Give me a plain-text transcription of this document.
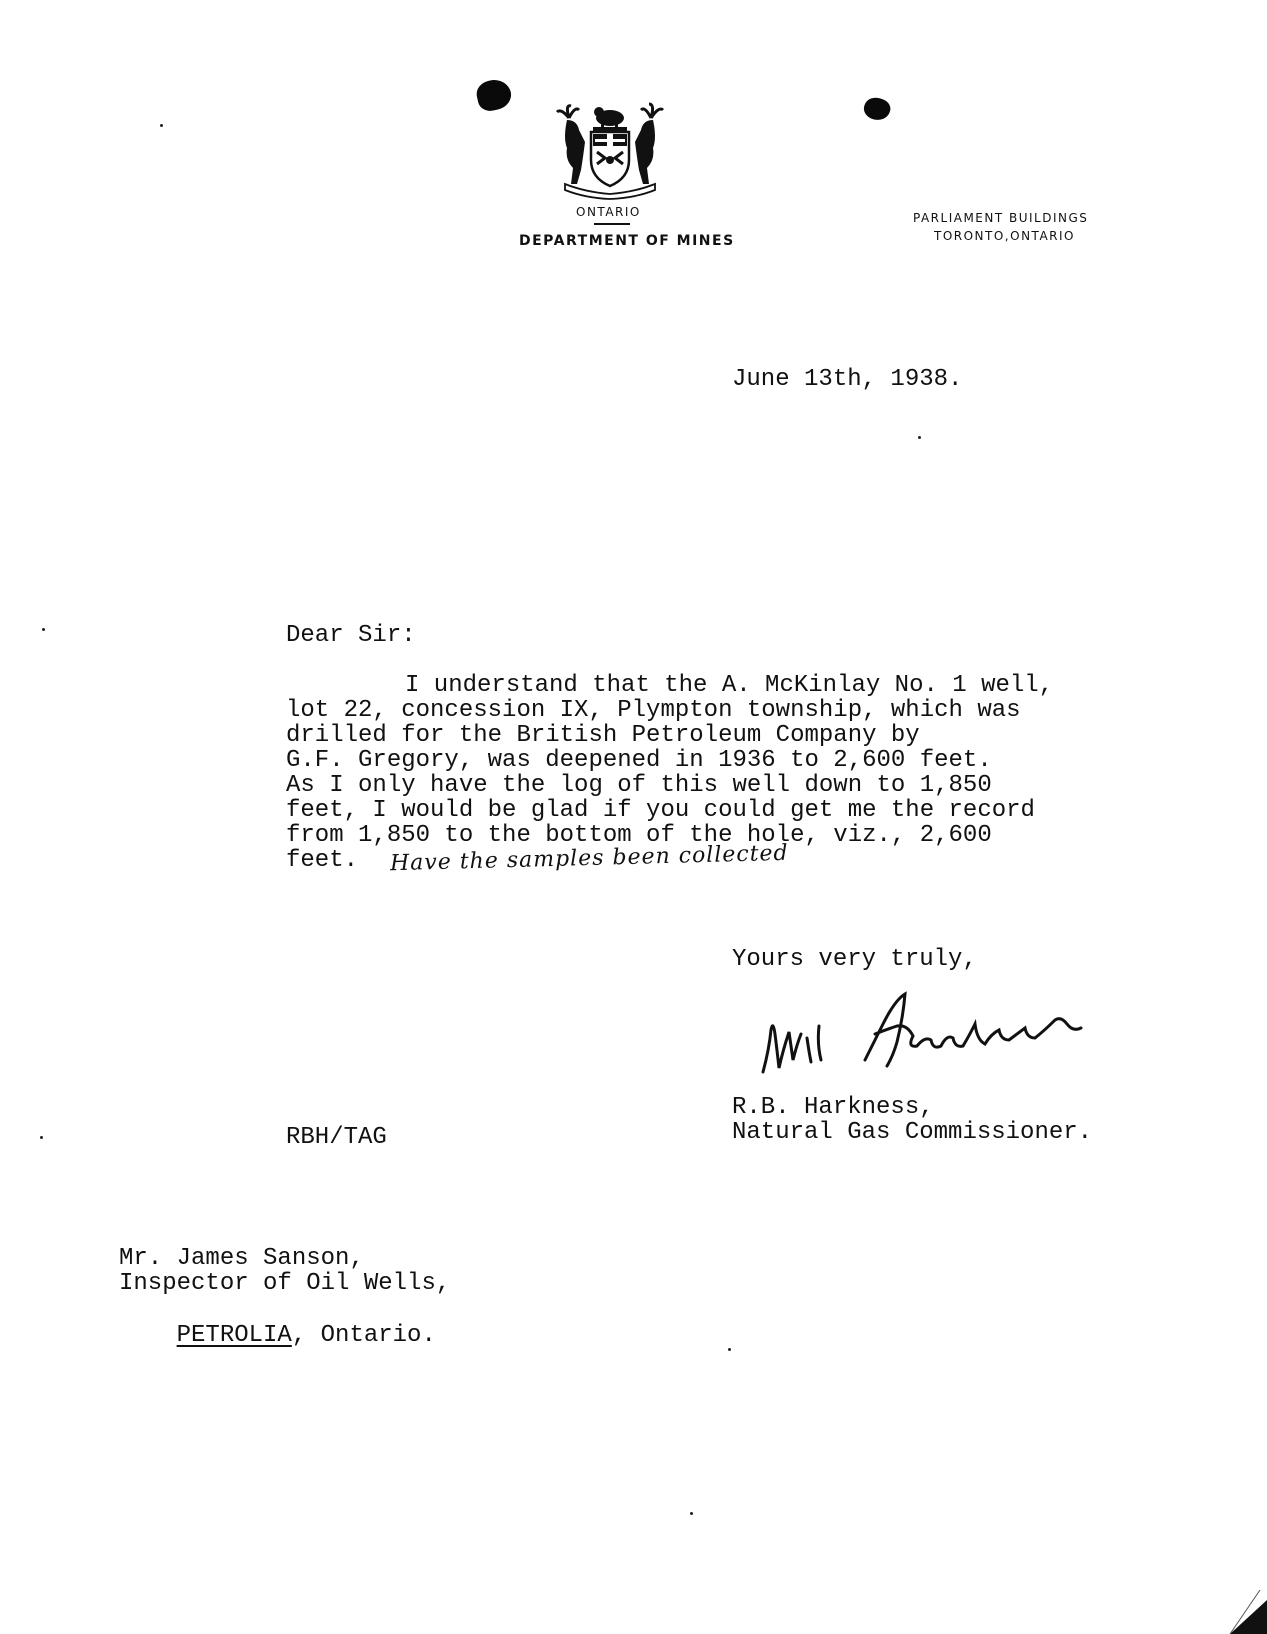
ONTARIO
DEPARTMENT OF MINES
PARLIAMENT BUILDINGS
TORONTO,ONTARIO
June 13th, 1938.
Dear Sir:
I understand that the A. McKinlay No. 1 well,
lot 22, concession IX, Plympton township, which was
drilled for the British Petroleum Company by
G.F. Gregory, was deepened in 1936 to 2,600 feet.
As I only have the log of this well down to 1,850
feet, I would be glad if you could get me the record
from 1,850 to the bottom of the hole, viz., 2,600
feet. Have the samples been collected
Yours very truly,
R.B. Harkness,
Natural Gas Commissioner.
RBH/TAG
Mr. James Sanson,
Inspector of Oil Wells,

PETROLIA, Ontario.
